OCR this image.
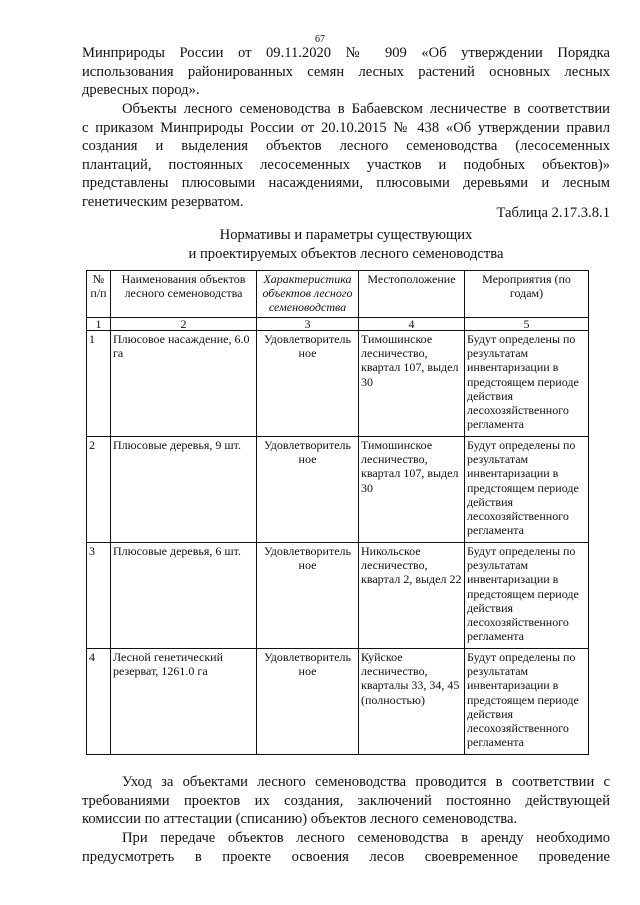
67
Минприроды России от 09.11.2020 № 909 «Об утверждении Порядка
использования районированных семян лесных растений основных лесных
древесных пород».
Объекты лесного семеноводства в Бабаевском лесничестве в соответствии
с приказом Минприроды России от 20.10.2015 № 438 «Об утверждении правил
создания и выделения объектов лесного семеноводства (лесосеменных
плантаций, постоянных лесосеменных участков и подобных объектов)»
представлены плюсовыми насаждениями, плюсовыми деревьями и лесным
генетическим резерватом.
Таблица 2.17.3.8.1
Нормативы и параметры существующих
и проектируемых объектов лесного семеноводства
№ п/п	Наименования объектов лесного семеноводства	Характеристика объектов лесного семеноводства	Местоположение	Мероприятия (по годам)
1	2	3	4	5
1	Плюсовое насаждение, 6.0 га	Удовлетворитель ное	Тимошинское лесничество, квартал 107, выдел 30	Будут определены по результатам инвентаризации в предстоящем периоде действия лесохозяйственного регламента
2	Плюсовые деревья, 9 шт.	Удовлетворитель ное	Тимошинское лесничество, квартал 107, выдел 30	Будут определены по результатам инвентаризации в предстоящем периоде действия лесохозяйственного регламента
3	Плюсовые деревья, 6 шт.	Удовлетворитель ное	Никольское лесничество, квартал 2, выдел 22	Будут определены по результатам инвентаризации в предстоящем периоде действия лесохозяйственного регламента
4	Лесной генетический резерват, 1261.0 га	Удовлетворитель ное	Куйское лесничество, кварталы 33, 34, 45 (полностью)	Будут определены по результатам инвентаризации в предстоящем периоде действия лесохозяйственного регламента
Уход за объектами лесного семеноводства проводится в соответствии с
требованиями проектов их создания, заключений постоянно действующей
комиссии по аттестации (списанию) объектов лесного семеноводства.
При передаче объектов лесного семеноводства в аренду необходимо
предусмотреть в проекте освоения лесов своевременное проведение
